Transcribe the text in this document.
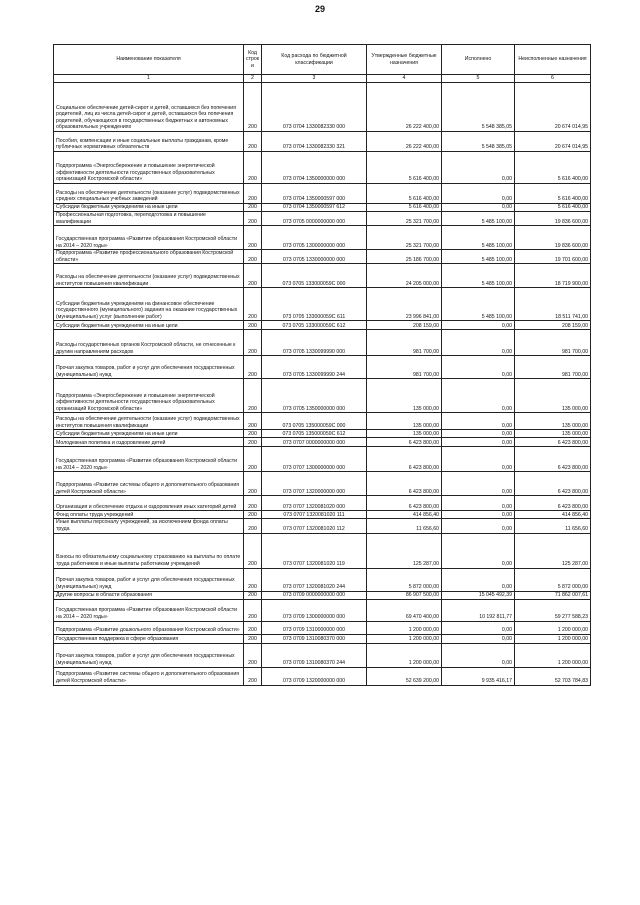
29
Наименование показателя	Код строк и	Код расхода по бюджетной классификации	Утвержденные бюджетные назначения	Исполнено	Неисполненные назначения
1	2	3	4	5	6
Социальное обеспечение детей-сирот и детей, оставшихся без попечения родителей, лиц из числа детей-сирот и детей, оставшихся без попечения родителей, обучающихся в государственных бюджетных и автономных образовательных учреждениях	200	073 0704 1330082330 000	26 222 400,00	5 548 385,05	20 674 014,95
Пособия, компенсации и иные социальные выплаты гражданам, кроме публичных нормативных обязательств	200	073 0704 1330082330 321	26 222 400,00	5 548 385,05	20 674 014,95
Подпрограмма «Энергосбережение и повышение энергетической эффективности деятельности государственных образовательных организаций Костромской области»	200	073 0704 1350000000 000	5 616 400,00	0,00	5 616 400,00
Расходы на обеспечение деятельности (оказание услуг) подведомственных средних специальных учебных заведений	200	073 0704 1350000597 000	5 616 400,00	0,00	5 616 400,00
Субсидии бюджетным учреждениям на иные цели	200	073 0704 1350000597 612	5 616 400,00	0,00	5 616 400,00
Профессиональная подготовка, переподготовка и повышение квалификации	200	073 0705 0000000000 000	25 321 700,00	5 485 100,00	19 836 600,00
Государственная программа «Развитие образования Костромской области на 2014 – 2020 годы»	200	073 0705 1300000000 000	25 321 700,00	5 485 100,00	19 836 600,00
Подпрограмма «Развитие профессионального образования Костромской области»	200	073 0705 1330000000 000	25 186 700,00	5 485 100,00	19 701 600,00
Расходы на обеспечение деятельности (оказание услуг) подведомственных институтов повышения квалификации	200	073 0705 133000059С 000	24 205 000,00	5 485 100,00	18 719 900,00
Субсидии бюджетным учреждениям на финансовое обеспечение государственного (муниципального) задания на оказание государственных (муниципальных) услуг (выполнение работ)	200	073 0705 133000059С 611	23 996 841,00	5 485 100,00	18 511 741,00
Субсидии бюджетным учреждениям на иные цели	200	073 0705 133000059С 612	208 159,00	0,00	208 159,00
Расходы государственных органов Костромской области, не отнесенные к другим направлениям расходов	200	073 0705 1330099990 000	981 700,00	0,00	981 700,00
Прочая закупка товаров, работ и услуг для обеспечения государственных (муниципальных) нужд	200	073 0705 1330099990 244	981 700,00	0,00	981 700,00
Подпрограмма «Энергосбережение и повышение энергетической эффективности деятельности государственных образовательных организаций Костромской области»	200	073 0705 1350000000 000	135 000,00	0,00	135 000,00
Расходы на обеспечение деятельности (оказание услуг) подведомственных институтов повышения квалификации	200	073 0705 135000059С 000	135 000,00	0,00	135 000,00
Субсидии бюджетным учреждениям на иные цели	200	073 0705 135000059С 612	135 000,00	0,00	135 000,00
Молодежная политика и оздоровление детей	200	073 0707 0000000000 000	6 423 800,00	0,00	6 423 800,00
Государственная программа «Развитие образования Костромской области на 2014 – 2020 годы»	200	073 0707 1300000000 000	6 423 800,00	0,00	6 423 800,00
Подпрограмма «Развитие системы общего и дополнительного образования детей Костромской области»	200	073 0707 1320000000 000	6 423 800,00	0,00	6 423 800,00
Организация и обеспечение отдыха и оздоровления иных категорий детей	200	073 0707 1320081020 000	6 423 800,00	0,00	6 423 800,00
Фонд оплаты труда учреждений	200	073 0707 1320081020 111	414 856,40	0,00	414 856,40
Иные выплаты персоналу учреждений, за исключением фонда оплаты труда	200	073 0707 1320081020 112	11 656,60	0,00	11 656,60
Взносы по обязательному социальному страхованию на выплаты по оплате труда работников и иные выплаты работникам учреждений	200	073 0707 1320081020 119	125 287,00	0,00	125 287,00
Прочая закупка товаров, работ и услуг для обеспечения государственных (муниципальных) нужд	200	073 0707 1320081020 244	5 872 000,00	0,00	5 872 000,00
Другие вопросы в области образования	200	073 0709 0000000000 000	86 907 500,00	15 045 492,39	71 862 007,61
Государственная программа «Развитие образования Костромской области на 2014 – 2020 годы»	200	073 0709 1300000000 000	69 470 400,00	10 192 811,77	59 277 588,23
Подпрограмма «Развитие дошкольного образования Костромской области»	200	073 0709 1310000000 000	1 200 000,00	0,00	1 200 000,00
Государственная поддержка в сфере образования	200	073 0709 1310080370 000	1 200 000,00	0,00	1 200 000,00
Прочая закупка товаров, работ и услуг для обеспечения государственных (муниципальных) нужд	200	073 0709 1310080370 244	1 200 000,00	0,00	1 200 000,00
Подпрограмма «Развитие системы общего и дополнительного образования детей Костромской области»	200	073 0709 1320000000 000	52 639 200,00	9 935 416,17	52 703 784,83
